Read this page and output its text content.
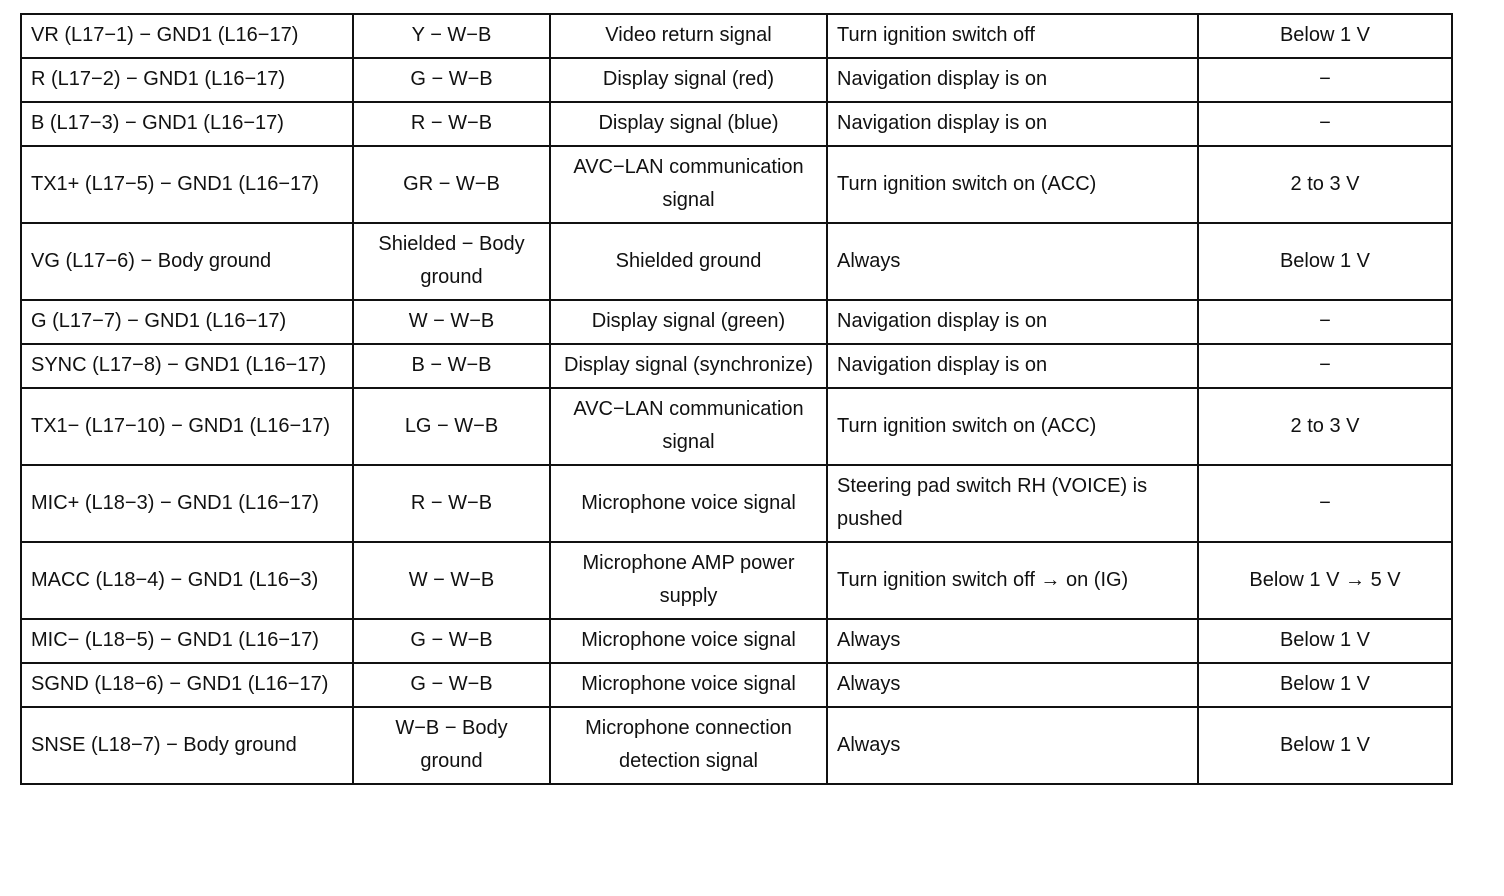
VR (L17−1) − GND1 (L16−17)	Y − W−B	Video return signal	Turn ignition switch off	Below 1 V
R (L17−2) − GND1 (L16−17)	G − W−B	Display signal (red)	Navigation display is on	−
B (L17−3) − GND1 (L16−17)	R − W−B	Display signal (blue)	Navigation display is on	−
TX1+ (L17−5) − GND1 (L16−17)	GR − W−B	AVC−LAN communication signal	Turn ignition switch on (ACC)	2 to 3 V
VG (L17−6) − Body ground	Shielded − Body ground	Shielded ground	Always	Below 1 V
G (L17−7) − GND1 (L16−17)	W − W−B	Display signal (green)	Navigation display is on	−
SYNC (L17−8) − GND1 (L16−17)	B − W−B	Display signal (synchronize)	Navigation display is on	−
TX1− (L17−10) − GND1 (L16−17)	LG − W−B	AVC−LAN communication signal	Turn ignition switch on (ACC)	2 to 3 V
MIC+ (L18−3) − GND1 (L16−17)	R − W−B	Microphone voice signal	Steering pad switch RH (VOICE) is pushed	−
MACC (L18−4) − GND1 (L16−3)	W − W−B	Microphone AMP power supply	Turn ignition switch off → on (IG)	Below 1 V → 5 V
MIC− (L18−5) − GND1 (L16−17)	G − W−B	Microphone voice signal	Always	Below 1 V
SGND (L18−6) − GND1 (L16−17)	G − W−B	Microphone voice signal	Always	Below 1 V
SNSE (L18−7) − Body ground	W−B − Body ground	Microphone connection detection signal	Always	Below 1 V
